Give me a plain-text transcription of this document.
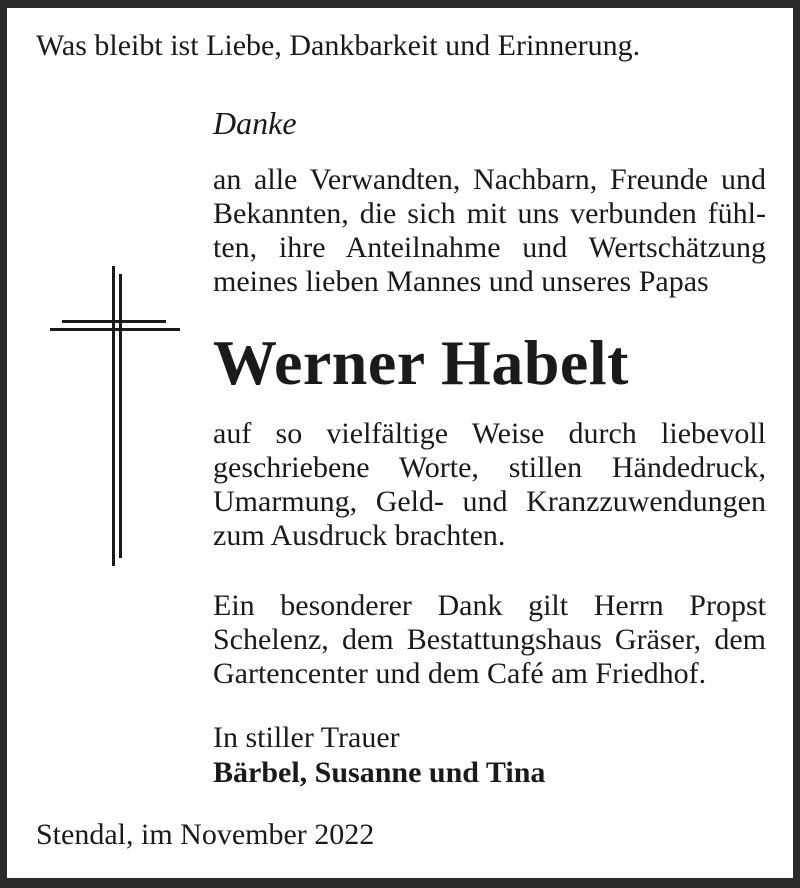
Was bleibt ist Liebe, Dankbarkeit und Erinnerung.
Danke
an alle Verwandten, Nachbarn, Freunde und
Bekannten, die sich mit uns verbunden fühl-
ten, ihre Anteilnahme und Wertschätzung
meines lieben Mannes und unseres Papas
Werner Habelt
auf so vielfältige Weise durch liebevoll
geschriebene Worte, stillen Händedruck,
Umarmung, Geld- und Kranzzuwendungen
zum Ausdruck brachten.
Ein besonderer Dank gilt Herrn Propst
Schelenz, dem Bestattungshaus Gräser, dem
Gartencenter und dem Café am Friedhof.
In stiller Trauer
Bärbel, Susanne und Tina
Stendal, im November 2022
